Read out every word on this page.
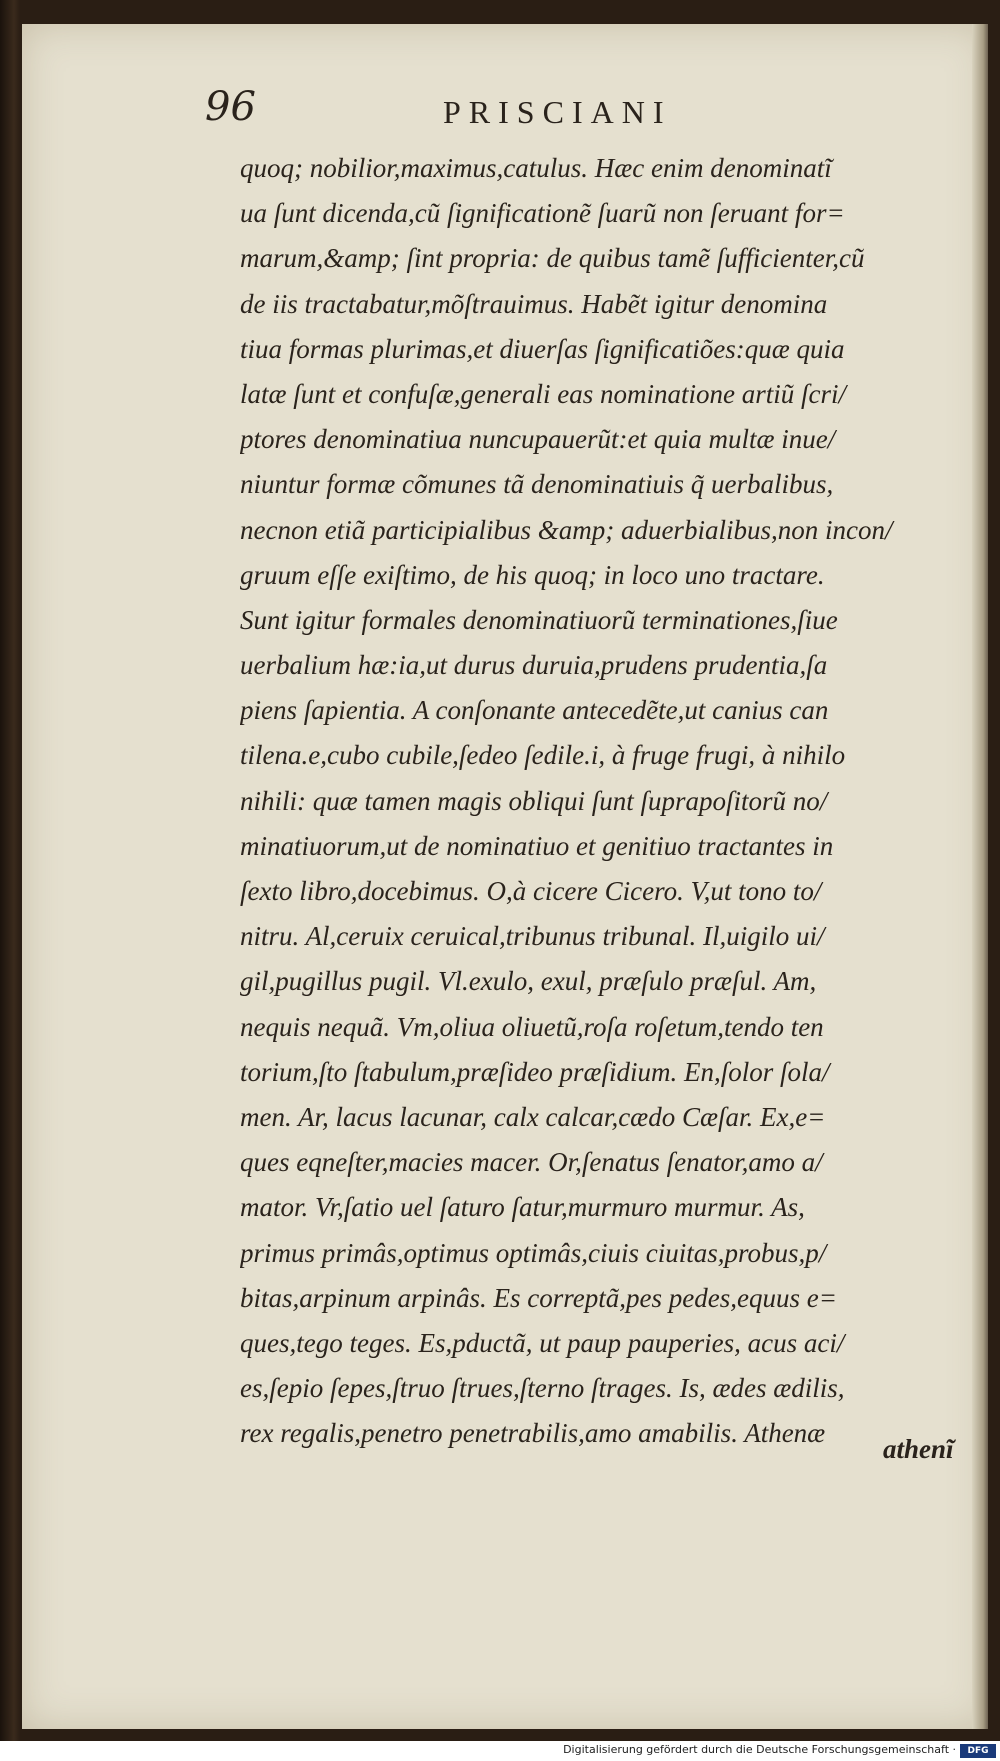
96	PRISCIANI
quoq; nobilior,maximus,catulus. Hæc enim denominatĩ
ua ſunt dicenda,cũ ſignificationẽ ſuarũ non ſeruant for=
marum,&amp; ſint propria: de quibus tamẽ ſufficienter,cũ
de iis tractabatur,mõſtrauimus. Habẽt igitur denomina
tiua formas plurimas,et diuerſas ſignificatiões:quæ quia
latæ ſunt et confuſæ,generali eas nominatione artiũ ſcri/
ptores denominatiua nuncupauerũt:et quia multæ inue/
niuntur formæ cõmunes tã denominatiuis q̃ uerbalibus,
necnon etiã participialibus &amp; aduerbialibus,non incon/
gruum eſſe exiſtimo, de his quoq; in loco uno tractare.
Sunt igitur formales denominatiuorũ terminationes,ſiue
uerbalium hæ:ia,ut durus duruia,prudens prudentia,ſa
piens ſapientia. A conſonante antecedẽte,ut canius can
tilena.e,cubo cubile,ſedeo ſedile.i, à fruge frugi, à nihilo
nihili: quæ tamen magis obliqui ſunt ſuprapoſitorũ no/
minatiuorum,ut de nominatiuo et genitiuo tractantes in
ſexto libro,docebimus. O,à cicere Cicero. V,ut tono to/
nitru. Al,ceruix ceruical,tribunus tribunal. Il,uigilo ui/
gil,pugillus pugil. Vl.exulo, exul, præſulo præſul. Am,
nequis nequã. Vm,oliua oliuetũ,roſa roſetum,tendo ten
torium,ſto ſtabulum,præſideo præſidium. En,ſolor ſola/
men. Ar, lacus lacunar, calx calcar,cædo Cæſar. Ex,e=
ques eqneſter,macies macer. Or,ſenatus ſenator,amo a/
mator. Vr,ſatio uel ſaturo ſatur,murmuro murmur. As,
primus primâs,optimus optimâs,ciuis ciuitas,probus,p/
bitas,arpinum arpinâs. Es correptã,pes pedes,equus e=
ques,tego teges. Es,pductã, ut paup pauperies, acus aci/
es,ſepio ſepes,ſtruo ſtrues,ſterno ſtrages. Is, ædes ædilis,
rex regalis,penetro penetrabilis,amo amabilis. Athenæ
athenĩ
Digitalisierung gefördert durch die Deutsche Forschungsgemeinschaft ·	DFG
